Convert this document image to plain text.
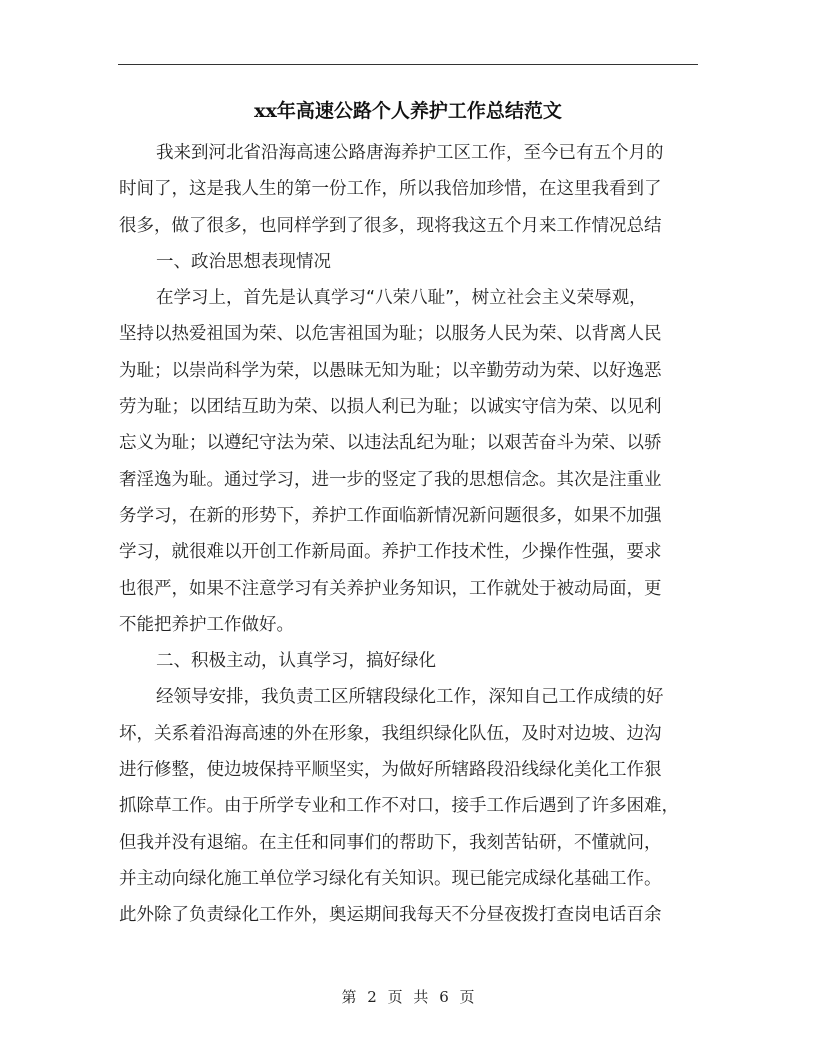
xx年高速公路个人养护工作总结范文
我来到河北省沿海高速公路唐海养护工区工作，至今已有五个月的
时间了，这是我人生的第一份工作，所以我倍加珍惜，在这里我看到了
很多，做了很多，也同样学到了很多，现将我这五个月来工作情况总结
一、政治思想表现情况
在学习上，首先是认真学习“八荣八耻”，树立社会主义荣辱观，
坚持以热爱祖国为荣、以危害祖国为耻；以服务人民为荣、以背离人民
为耻；以崇尚科学为荣，以愚昧无知为耻；以辛勤劳动为荣、以好逸恶
劳为耻；以团结互助为荣、以损人利已为耻；以诚实守信为荣、以见利
忘义为耻；以遵纪守法为荣、以违法乱纪为耻；以艰苦奋斗为荣、以骄
奢淫逸为耻。通过学习，进一步的竖定了我的思想信念。其次是注重业
务学习，在新的形势下，养护工作面临新情况新问题很多，如果不加强
学习，就很难以开创工作新局面。养护工作技术性，少操作性强，要求
也很严，如果不注意学习有关养护业务知识，工作就处于被动局面，更
不能把养护工作做好。
二、积极主动，认真学习，搞好绿化
经领导安排，我负责工区所辖段绿化工作，深知自己工作成绩的好
坏，关系着沿海高速的外在形象，我组织绿化队伍，及时对边坡、边沟
进行修整，使边坡保持平顺坚实，为做好所辖路段沿线绿化美化工作狠
抓除草工作。由于所学专业和工作不对口，接手工作后遇到了许多困难，
但我并没有退缩。在主任和同事们的帮助下，我刻苦钻研，不懂就问，
并主动向绿化施工单位学习绿化有关知识。现已能完成绿化基础工作。
此外除了负责绿化工作外，奥运期间我每天不分昼夜拨打查岗电话百余
第 2 页 共 6 页
